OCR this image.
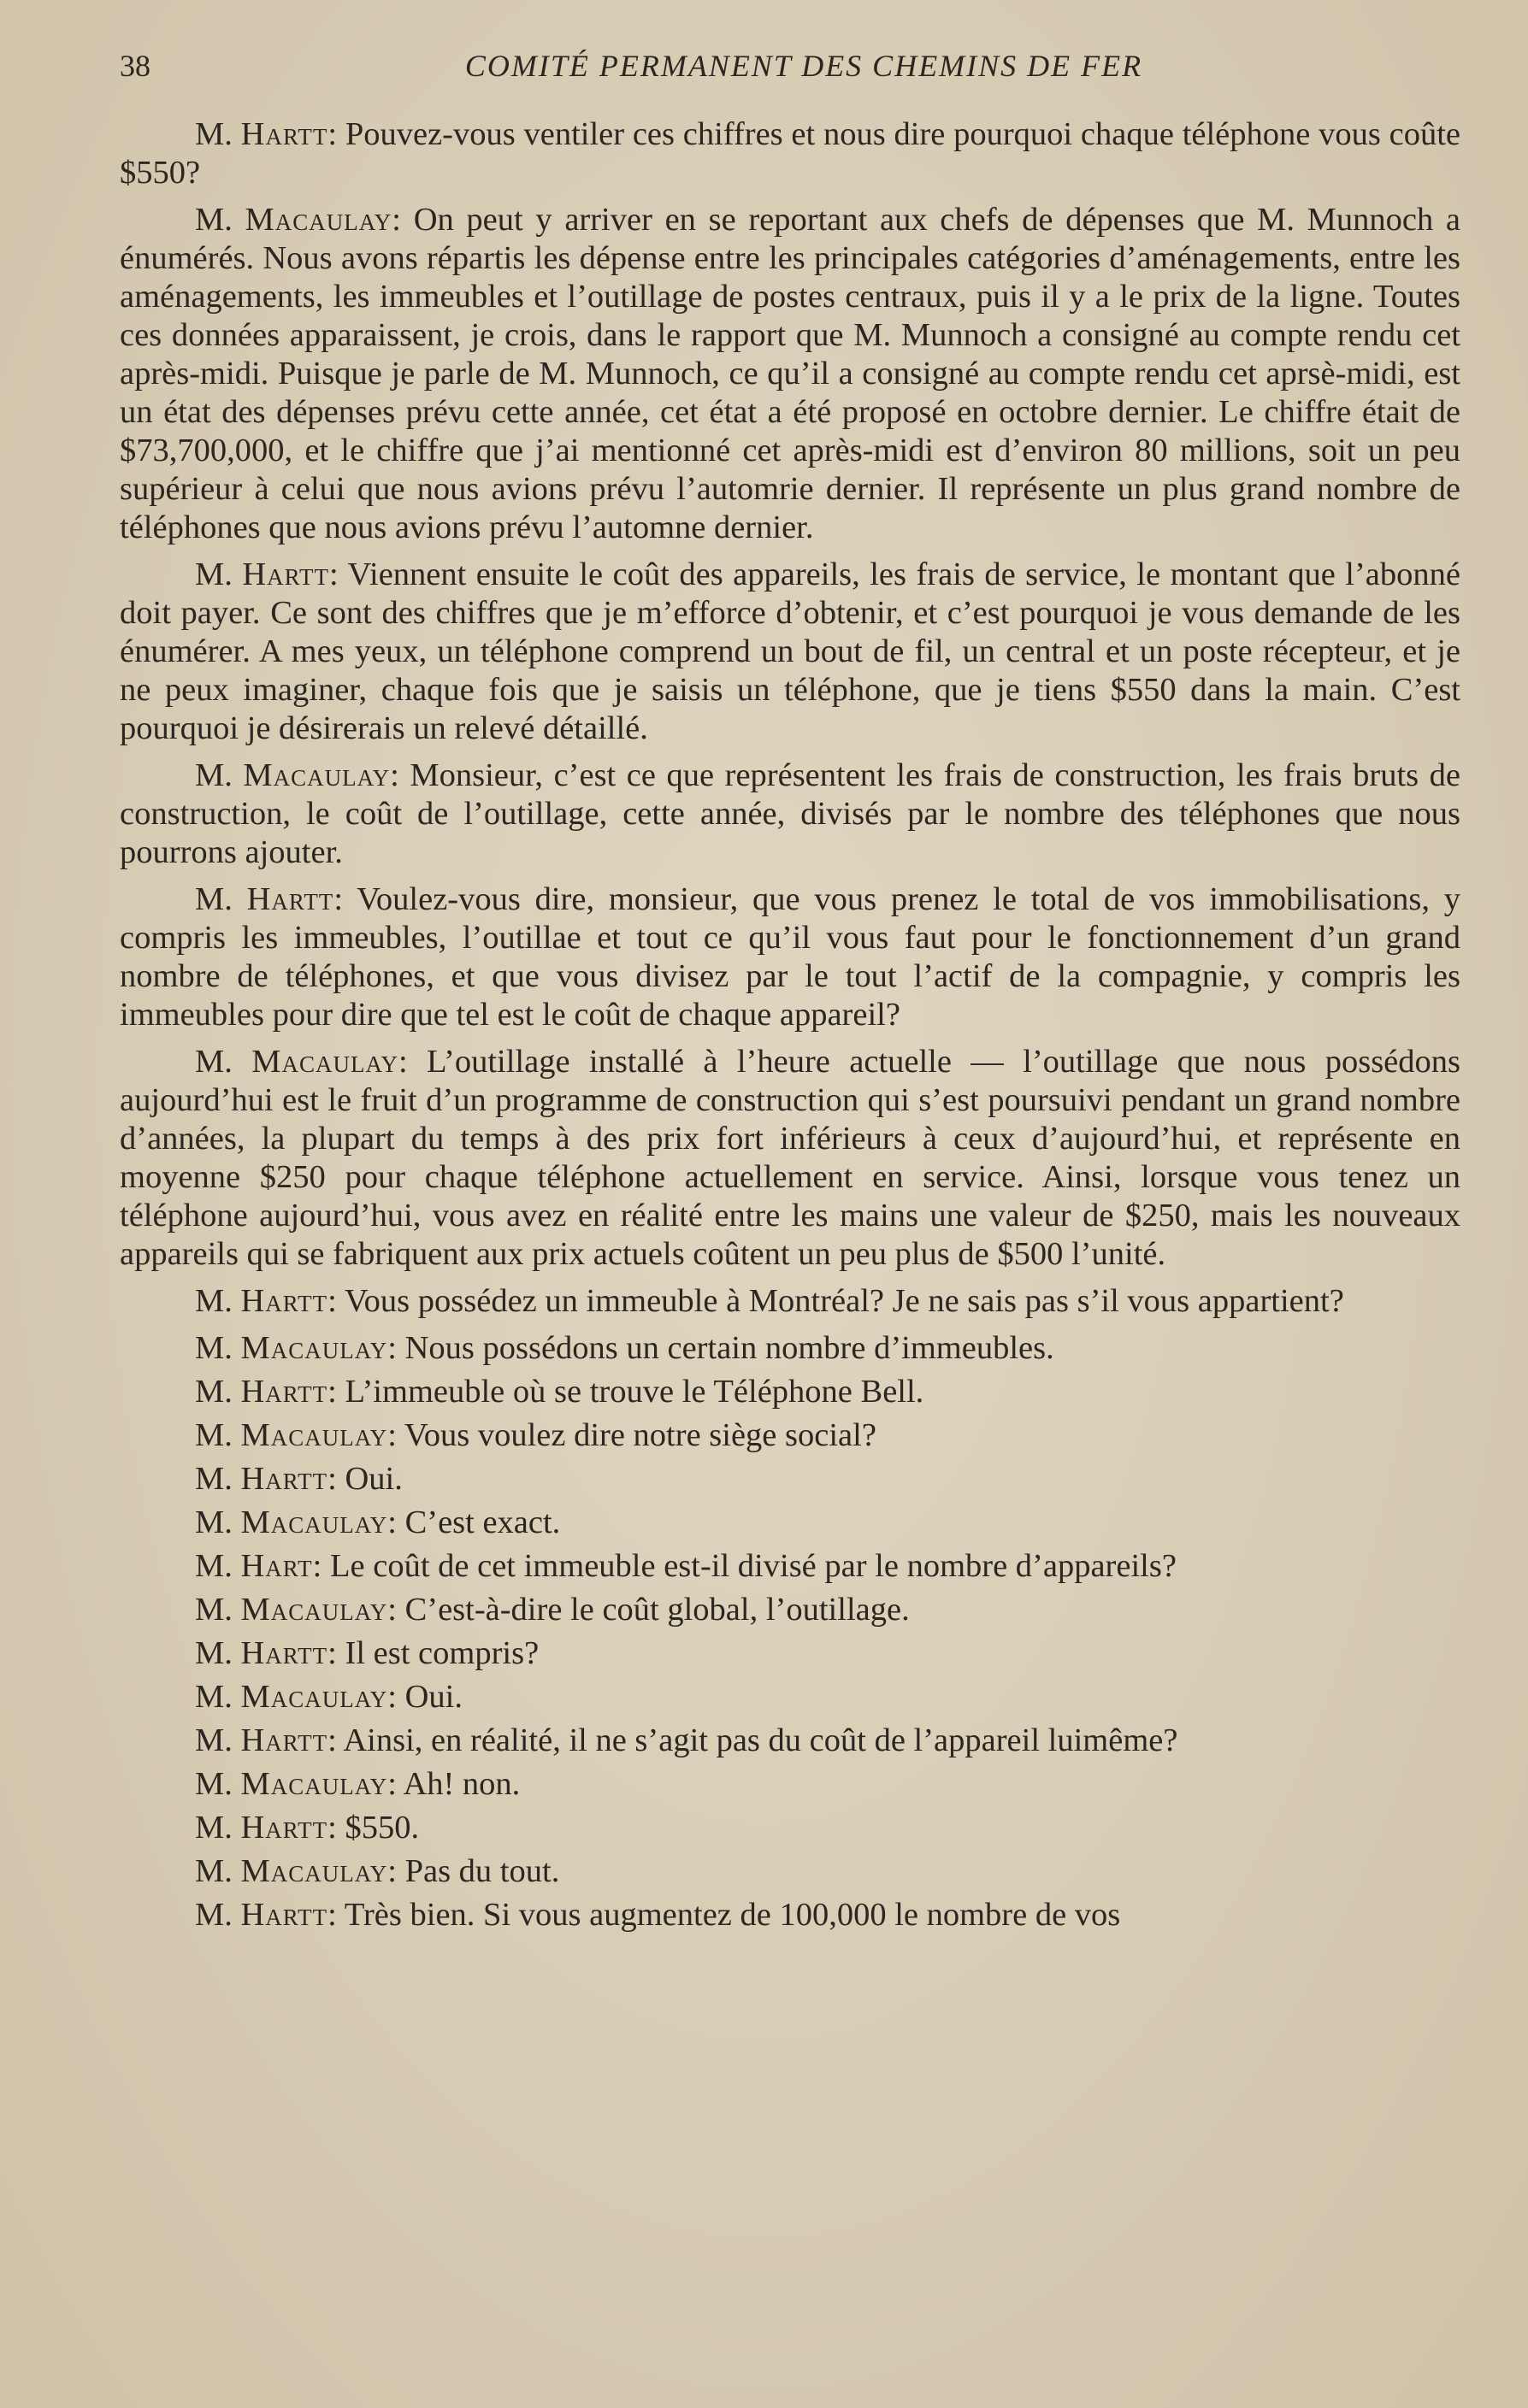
38	COMITÉ PERMANENT DES CHEMINS DE FER

M. Hartt: Pouvez-vous ventiler ces chiffres et nous dire pourquoi chaque téléphone vous coûte $550?

M. Macaulay: On peut y arriver en se reportant aux chefs de dépenses que M. Munnoch a énumérés. Nous avons répartis les dépense entre les principales catégories d’aménagements, entre les aménagements, les immeubles et l’outillage de postes centraux, puis il y a le prix de la ligne. Toutes ces données apparaissent, je crois, dans le rapport que M. Munnoch a consigné au compte rendu cet après-midi. Puisque je parle de M. Munnoch, ce qu’il a consigné au compte rendu cet aprsè-midi, est un état des dépenses prévu cette année, cet état a été proposé en octobre dernier. Le chiffre était de $73,700,000, et le chiffre que j’ai mentionné cet après-midi est d’environ 80 millions, soit un peu supérieur à celui que nous avions prévu l’automrie dernier. Il représente un plus grand nombre de téléphones que nous avions prévu l’automne dernier.

M. Hartt: Viennent ensuite le coût des appareils, les frais de service, le montant que l’abonné doit payer. Ce sont des chiffres que je m’efforce d’obtenir, et c’est pourquoi je vous demande de les énumérer. A mes yeux, un téléphone comprend un bout de fil, un central et un poste récepteur, et je ne peux imaginer, chaque fois que je saisis un téléphone, que je tiens $550 dans la main. C’est pourquoi je désirerais un relevé détaillé.

M. Macaulay: Monsieur, c’est ce que représentent les frais de construction, les frais bruts de construction, le coût de l’outillage, cette année, divisés par le nombre des téléphones que nous pourrons ajouter.

M. Hartt: Voulez-vous dire, monsieur, que vous prenez le total de vos immobilisations, y compris les immeubles, l’outillae et tout ce qu’il vous faut pour le fonctionnement d’un grand nombre de téléphones, et que vous divisez par le tout l’actif de la compagnie, y compris les immeubles pour dire que tel est le coût de chaque appareil?

M. Macaulay: L’outillage installé à l’heure actuelle — l’outillage que nous possédons aujourd’hui est le fruit d’un programme de construction qui s’est poursuivi pendant un grand nombre d’années, la plupart du temps à des prix fort inférieurs à ceux d’aujourd’hui, et représente en moyenne $250 pour chaque téléphone actuellement en service. Ainsi, lorsque vous tenez un téléphone aujourd’hui, vous avez en réalité entre les mains une valeur de $250, mais les nouveaux appareils qui se fabriquent aux prix actuels coûtent un peu plus de $500 l’unité.

M. Hartt: Vous possédez un immeuble à Montréal? Je ne sais pas s’il vous appartient?

M. Macaulay: Nous possédons un certain nombre d’immeubles.

M. Hartt: L’immeuble où se trouve le Téléphone Bell.

M. Macaulay: Vous voulez dire notre siège social?

M. Hartt: Oui.

M. Macaulay: C’est exact.

M. Hart: Le coût de cet immeuble est-il divisé par le nombre d’appareils?

M. Macaulay: C’est-à-dire le coût global, l’outillage.

M. Hartt: Il est compris?

M. Macaulay: Oui.

M. Hartt: Ainsi, en réalité, il ne s’agit pas du coût de l’appareil luimême?

M. Macaulay: Ah! non.

M. Hartt: $550.

M. Macaulay: Pas du tout.

M. Hartt: Très bien. Si vous augmentez de 100,000 le nombre de vos
